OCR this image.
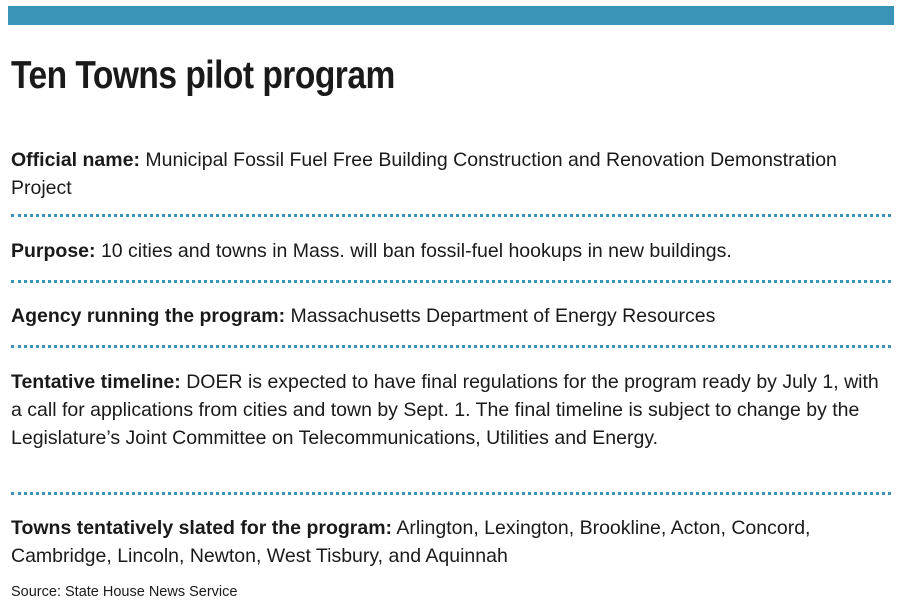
Ten Towns pilot program

Official name: Municipal Fossil Fuel Free Building Construction and Renovation Demonstration Project

Purpose: 10 cities and towns in Mass. will ban fossil-fuel hookups in new buildings.

Agency running the program: Massachusetts Department of Energy Resources

Tentative timeline: DOER is expected to have final regulations for the program ready by July 1, with a call for applications from cities and town by Sept. 1. The final timeline is subject to change by the Legislature’s Joint Committee on Telecommunications, Utilities and Energy.

Towns tentatively slated for the program: Arlington, Lexington, Brookline, Acton, Concord, Cambridge, Lincoln, Newton, West Tisbury, and Aquinnah

Source: State House News Service
